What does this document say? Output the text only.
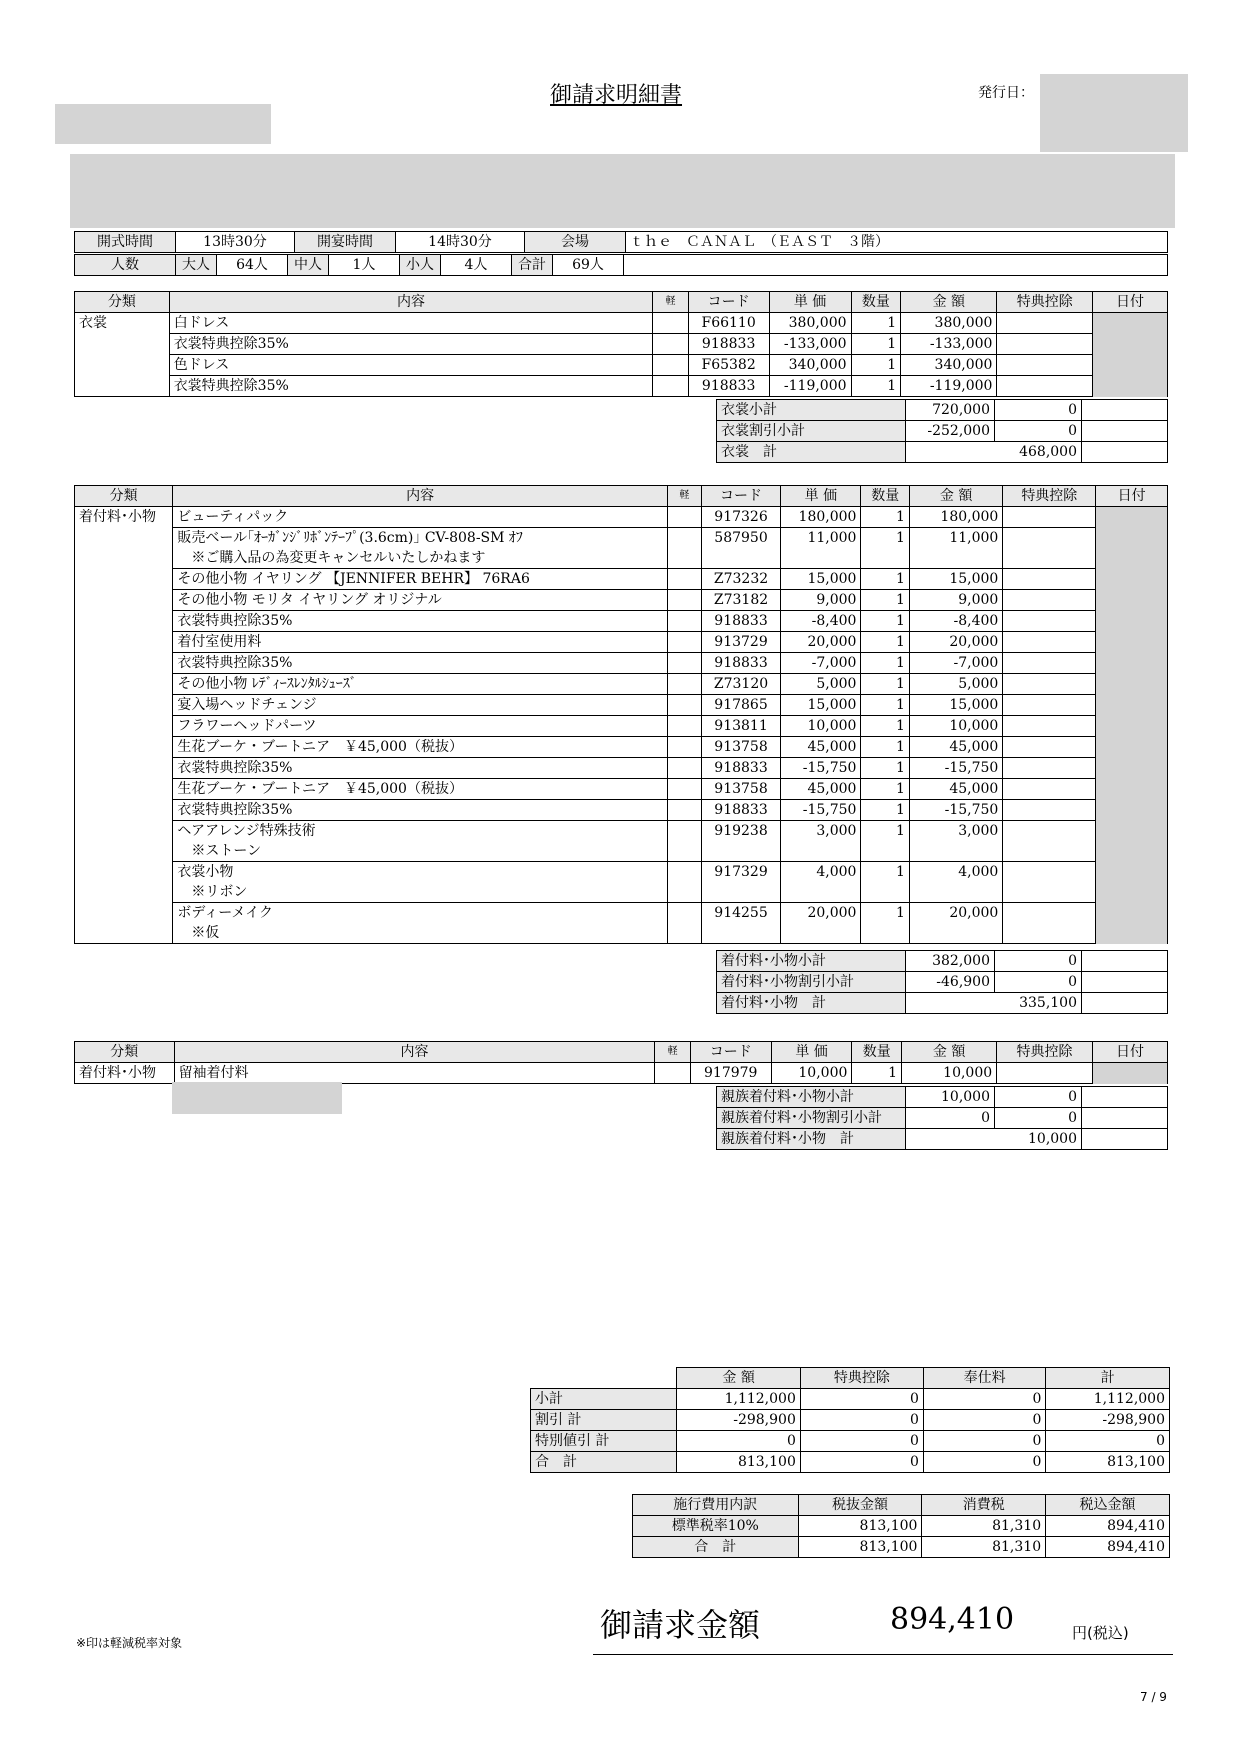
御請求明細書	発行日：
開式時間	13時30分	開宴時間	14時30分	会場	ｔｈｅ　ＣＡＮＡＬ　（ＥＡＳＴ　３階）
人数	大人	64人	中人	1人	小人	4人	合計	69人	
分類	内容	軽	コード	単 価	数量	金 額	特典控除	日付
衣裳	白ドレス		F66110	380,000	1	380,000		

	衣裳特典控除35%		918833	-133,000	1	-133,000		

	色ドレス		F65382	340,000	1	340,000		

	衣裳特典控除35%		918833	-119,000	1	-119,000		
衣裳小計	720,000	0	
衣裳割引小計	-252,000	0	
衣裳　計	468,000		
分類	内容	軽	コード	単 価	数量	金 額	特典控除	日付
着付料･小物	ビューティパック		917326	180,000	1	180,000		

	販売ベール｢ｵｰｶﾞﾝｼﾞﾘﾎﾞﾝﾃｰﾌﾟ(3.6cm)｣ CV-808-SM ｵﾌ
　※ご購入品の為変更キャンセルいたしかねます		587950	11,000	1	11,000		

	その他小物 イヤリング 【JENNIFER BEHR】 76RA6		Z73232	15,000	1	15,000		

	その他小物 モリタ イヤリング オリジナル		Z73182	9,000	1	9,000		

	衣裳特典控除35%		918833	-8,400	1	-8,400		

	着付室使用料		913729	20,000	1	20,000		

	衣裳特典控除35%		918833	-7,000	1	-7,000		

	その他小物 ﾚﾃﾞｨｰｽﾚﾝﾀﾙｼｭｰｽﾞ		Z73120	5,000	1	5,000		

	宴入場ヘッドチェンジ		917865	15,000	1	15,000		

	フラワーヘッドパーツ		913811	10,000	1	10,000		

	生花ブーケ・ブートニア　￥45,000（税抜）		913758	45,000	1	45,000		

	衣裳特典控除35%		918833	-15,750	1	-15,750		

	生花ブーケ・ブートニア　￥45,000（税抜）		913758	45,000	1	45,000		

	衣裳特典控除35%		918833	-15,750	1	-15,750		

	ヘアアレンジ特殊技術
　※ストーン		919238	3,000	1	3,000		

	衣裳小物
　※リボン		917329	4,000	1	4,000		

	ボディーメイク
　※仮		914255	20,000	1	20,000		
着付料･小物小計	382,000	0	
着付料･小物割引小計	-46,900	0	
着付料･小物　計	335,100		
分類	内容	軽	コード	単 価	数量	金 額	特典控除	日付
着付料･小物	留袖着付料		917979	10,000	1	10,000		
親族着付料･小物小計	10,000	0	
親族着付料･小物割引小計	0	0	
親族着付料･小物　計	10,000		
	金 額	特典控除	奉仕料	計
小計	1,112,000	0	0	1,112,000
割引 計	-298,900	0	0	-298,900
特別値引 計	0	0	0	0
合　計	813,100	0	0	813,100
施行費用内訳	税抜金額	消費税	税込金額
標準税率10%	813,100	81,310	894,410
合　計	813,100	81,310	894,410
御請求金額	894,410	円(税込)
※印は軽減税率対象
7 / 9
